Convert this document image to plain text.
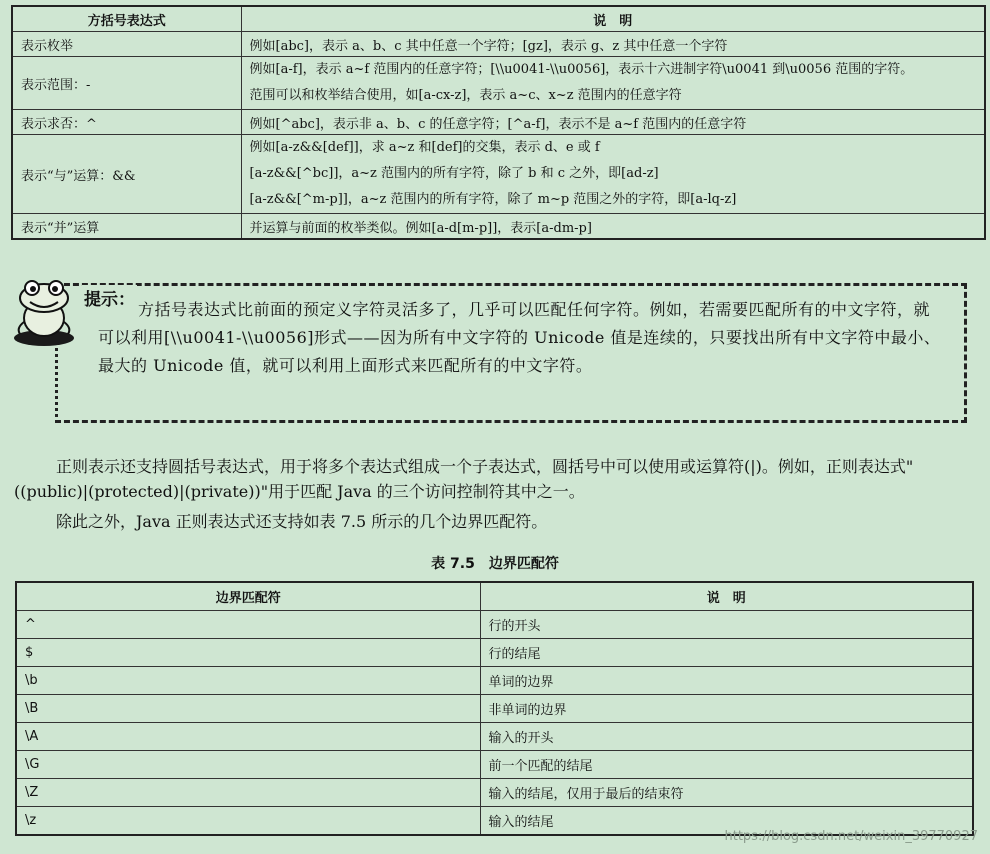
方括号表达式	说　明
表示枚举	例如[abc]，表示 a、b、c 其中任意一个字符；[gz]，表示 g、z 其中任意一个字符
表示范围：-	例如[a-f]，表示 a~f 范围内的任意字符；[\\u0041-\\u0056]，表示十六进制字符\u0041 到\u0056 范围的字符。
范围可以和枚举结合使用，如[a-cx-z]，表示 a~c、x~z 范围内的任意字符

表示求否：^	例如[^abc]，表示非 a、b、c 的任意字符；[^a-f]，表示不是 a~f 范围内的任意字符
表示“与”运算：&&	例如[a-z&&[def]]，求 a~z 和[def]的交集，表示 d、e 或 f
[a-z&&[^bc]]，a~z 范围内的所有字符，除了 b 和 c 之外，即[ad-z]
[a-z&&[^m-p]]，a~z 范围内的所有字符，除了 m~p 范围之外的字符，即[a-lq-z]

表示“并”运算	并运算与前面的枚举类似。例如[a-d[m-p]]，表示[a-dm-p]
提示： 方括号表达式比前面的预定义字符灵活多了，几乎可以匹配任何字符。例如，若需要匹配所有的中文字符，就可以利用[\\u0041-\\u0056]形式——因为所有中文字符的 Unicode 值是连续的，只要找出所有中文字符中最小、最大的 Unicode 值，就可以利用上面形式来匹配所有的中文字符。
正则表示还支持圆括号表达式，用于将多个表达式组成一个子表达式，圆括号中可以使用或运算符(|)。例如，正则表达式"((public)|(protected)|(private))"用于匹配 Java 的三个访问控制符其中之一。
除此之外，Java 正则表达式还支持如表 7.5 所示的几个边界匹配符。
表 7.5　边界匹配符
边界匹配符	说　明
^	行的开头
$	行的结尾
\b	单词的边界
\B	非单词的边界
\A	输入的开头
\G	前一个匹配的结尾
\Z	输入的结尾，仅用于最后的结束符
\z	输入的结尾
https://blog.csdn.net/weixin_39770927
